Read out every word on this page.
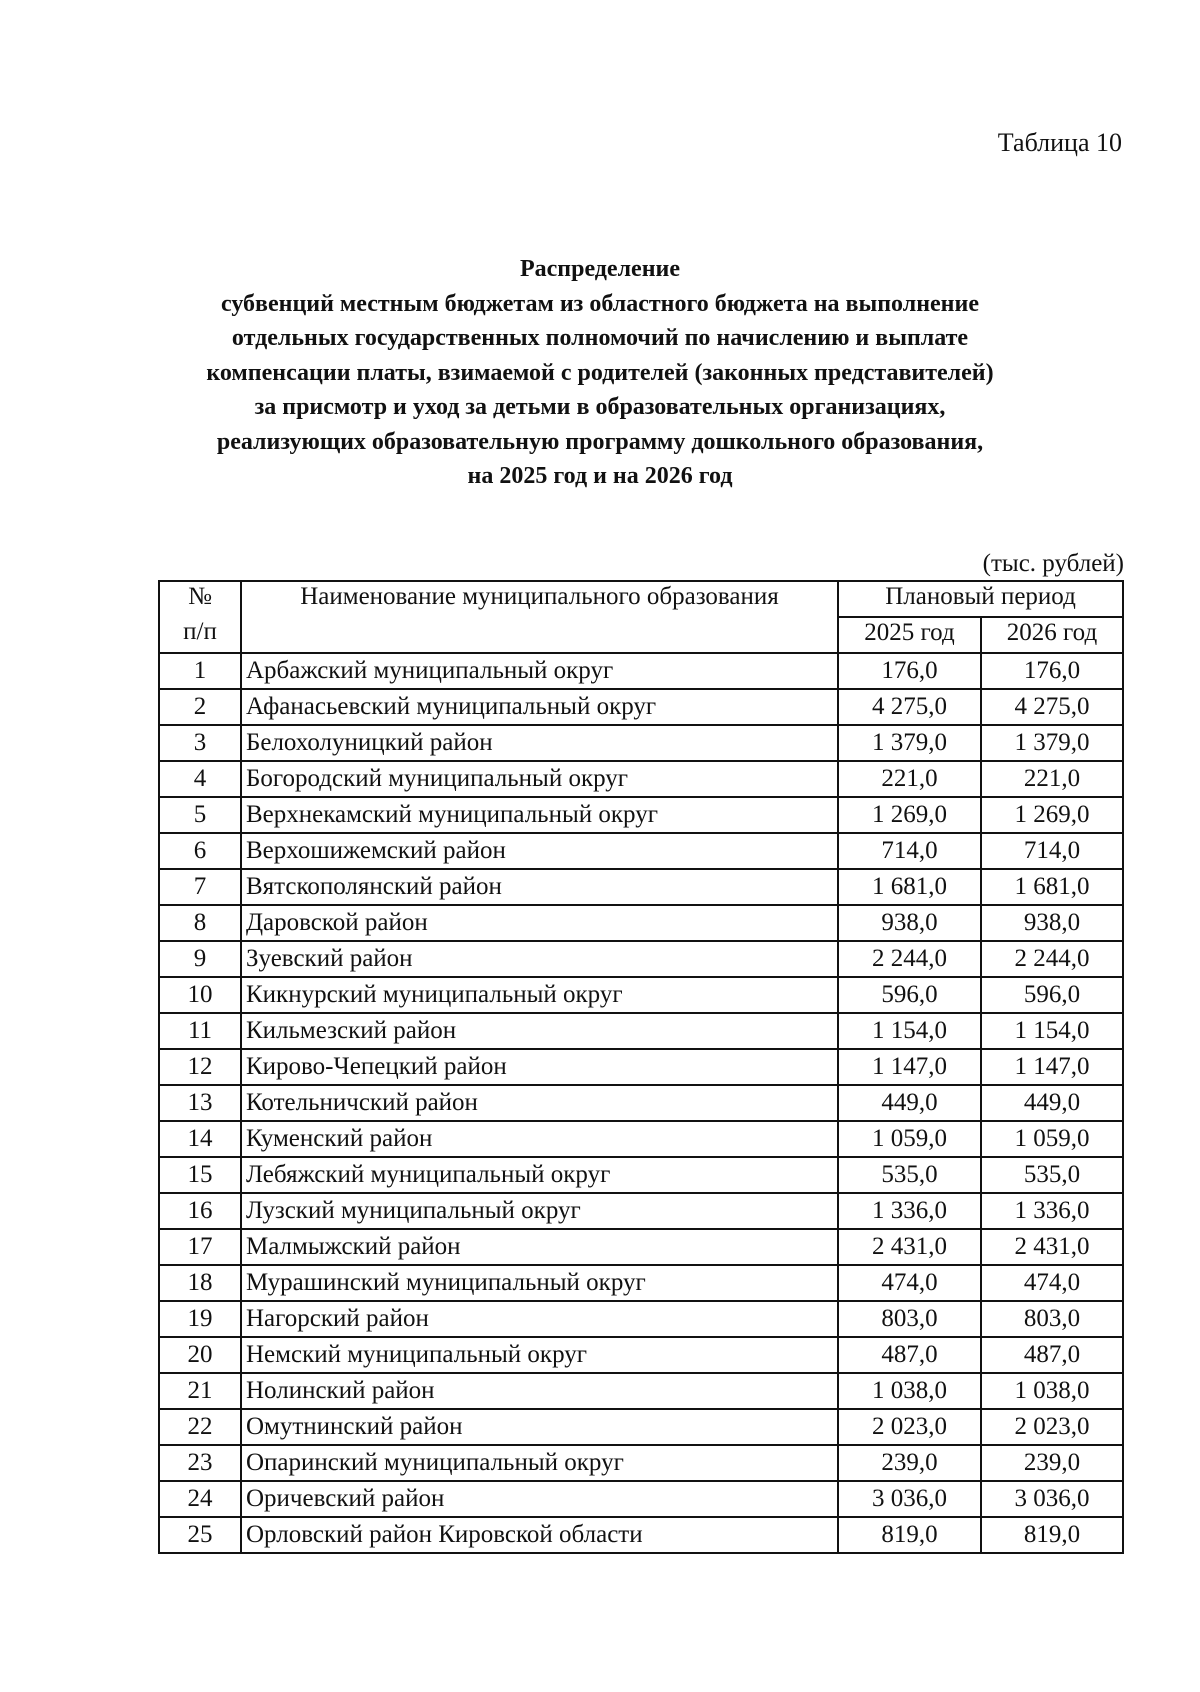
Таблица 10
Распределение
субвенций местным бюджетам из областного бюджета на выполнение
отдельных государственных полномочий по начислению и выплате
компенсации платы, взимаемой с родителей (законных представителей)
за присмотр и уход за детьми в образовательных организациях,
реализующих образовательную программу дошкольного образования,
на 2025 год и на 2026 год
(тыс. рублей)
№	Наименование муниципального образования	Плановый период	
п/п		2025 год	2026 год
1	Арбажский муниципальный округ	176,0	176,0
2	Афанасьевский муниципальный округ	4 275,0	4 275,0
3	Белохолуницкий район	1 379,0	1 379,0
4	Богородский муниципальный округ	221,0	221,0
5	Верхнекамский муниципальный округ	1 269,0	1 269,0
6	Верхошижемский район	714,0	714,0
7	Вятскополянский район	1 681,0	1 681,0
8	Даровской район	938,0	938,0
9	Зуевский район	2 244,0	2 244,0
10	Кикнурский муниципальный округ	596,0	596,0
11	Кильмезский район	1 154,0	1 154,0
12	Кирово-Чепецкий район	1 147,0	1 147,0
13	Котельничский район	449,0	449,0
14	Куменский район	1 059,0	1 059,0
15	Лебяжский муниципальный округ	535,0	535,0
16	Лузский муниципальный округ	1 336,0	1 336,0
17	Малмыжский район	2 431,0	2 431,0
18	Мурашинский муниципальный округ	474,0	474,0
19	Нагорский район	803,0	803,0
20	Немский муниципальный округ	487,0	487,0
21	Нолинский район	1 038,0	1 038,0
22	Омутнинский район	2 023,0	2 023,0
23	Опаринский муниципальный округ	239,0	239,0
24	Оричевский район	3 036,0	3 036,0
25	Орловский район Кировской области	819,0	819,0
